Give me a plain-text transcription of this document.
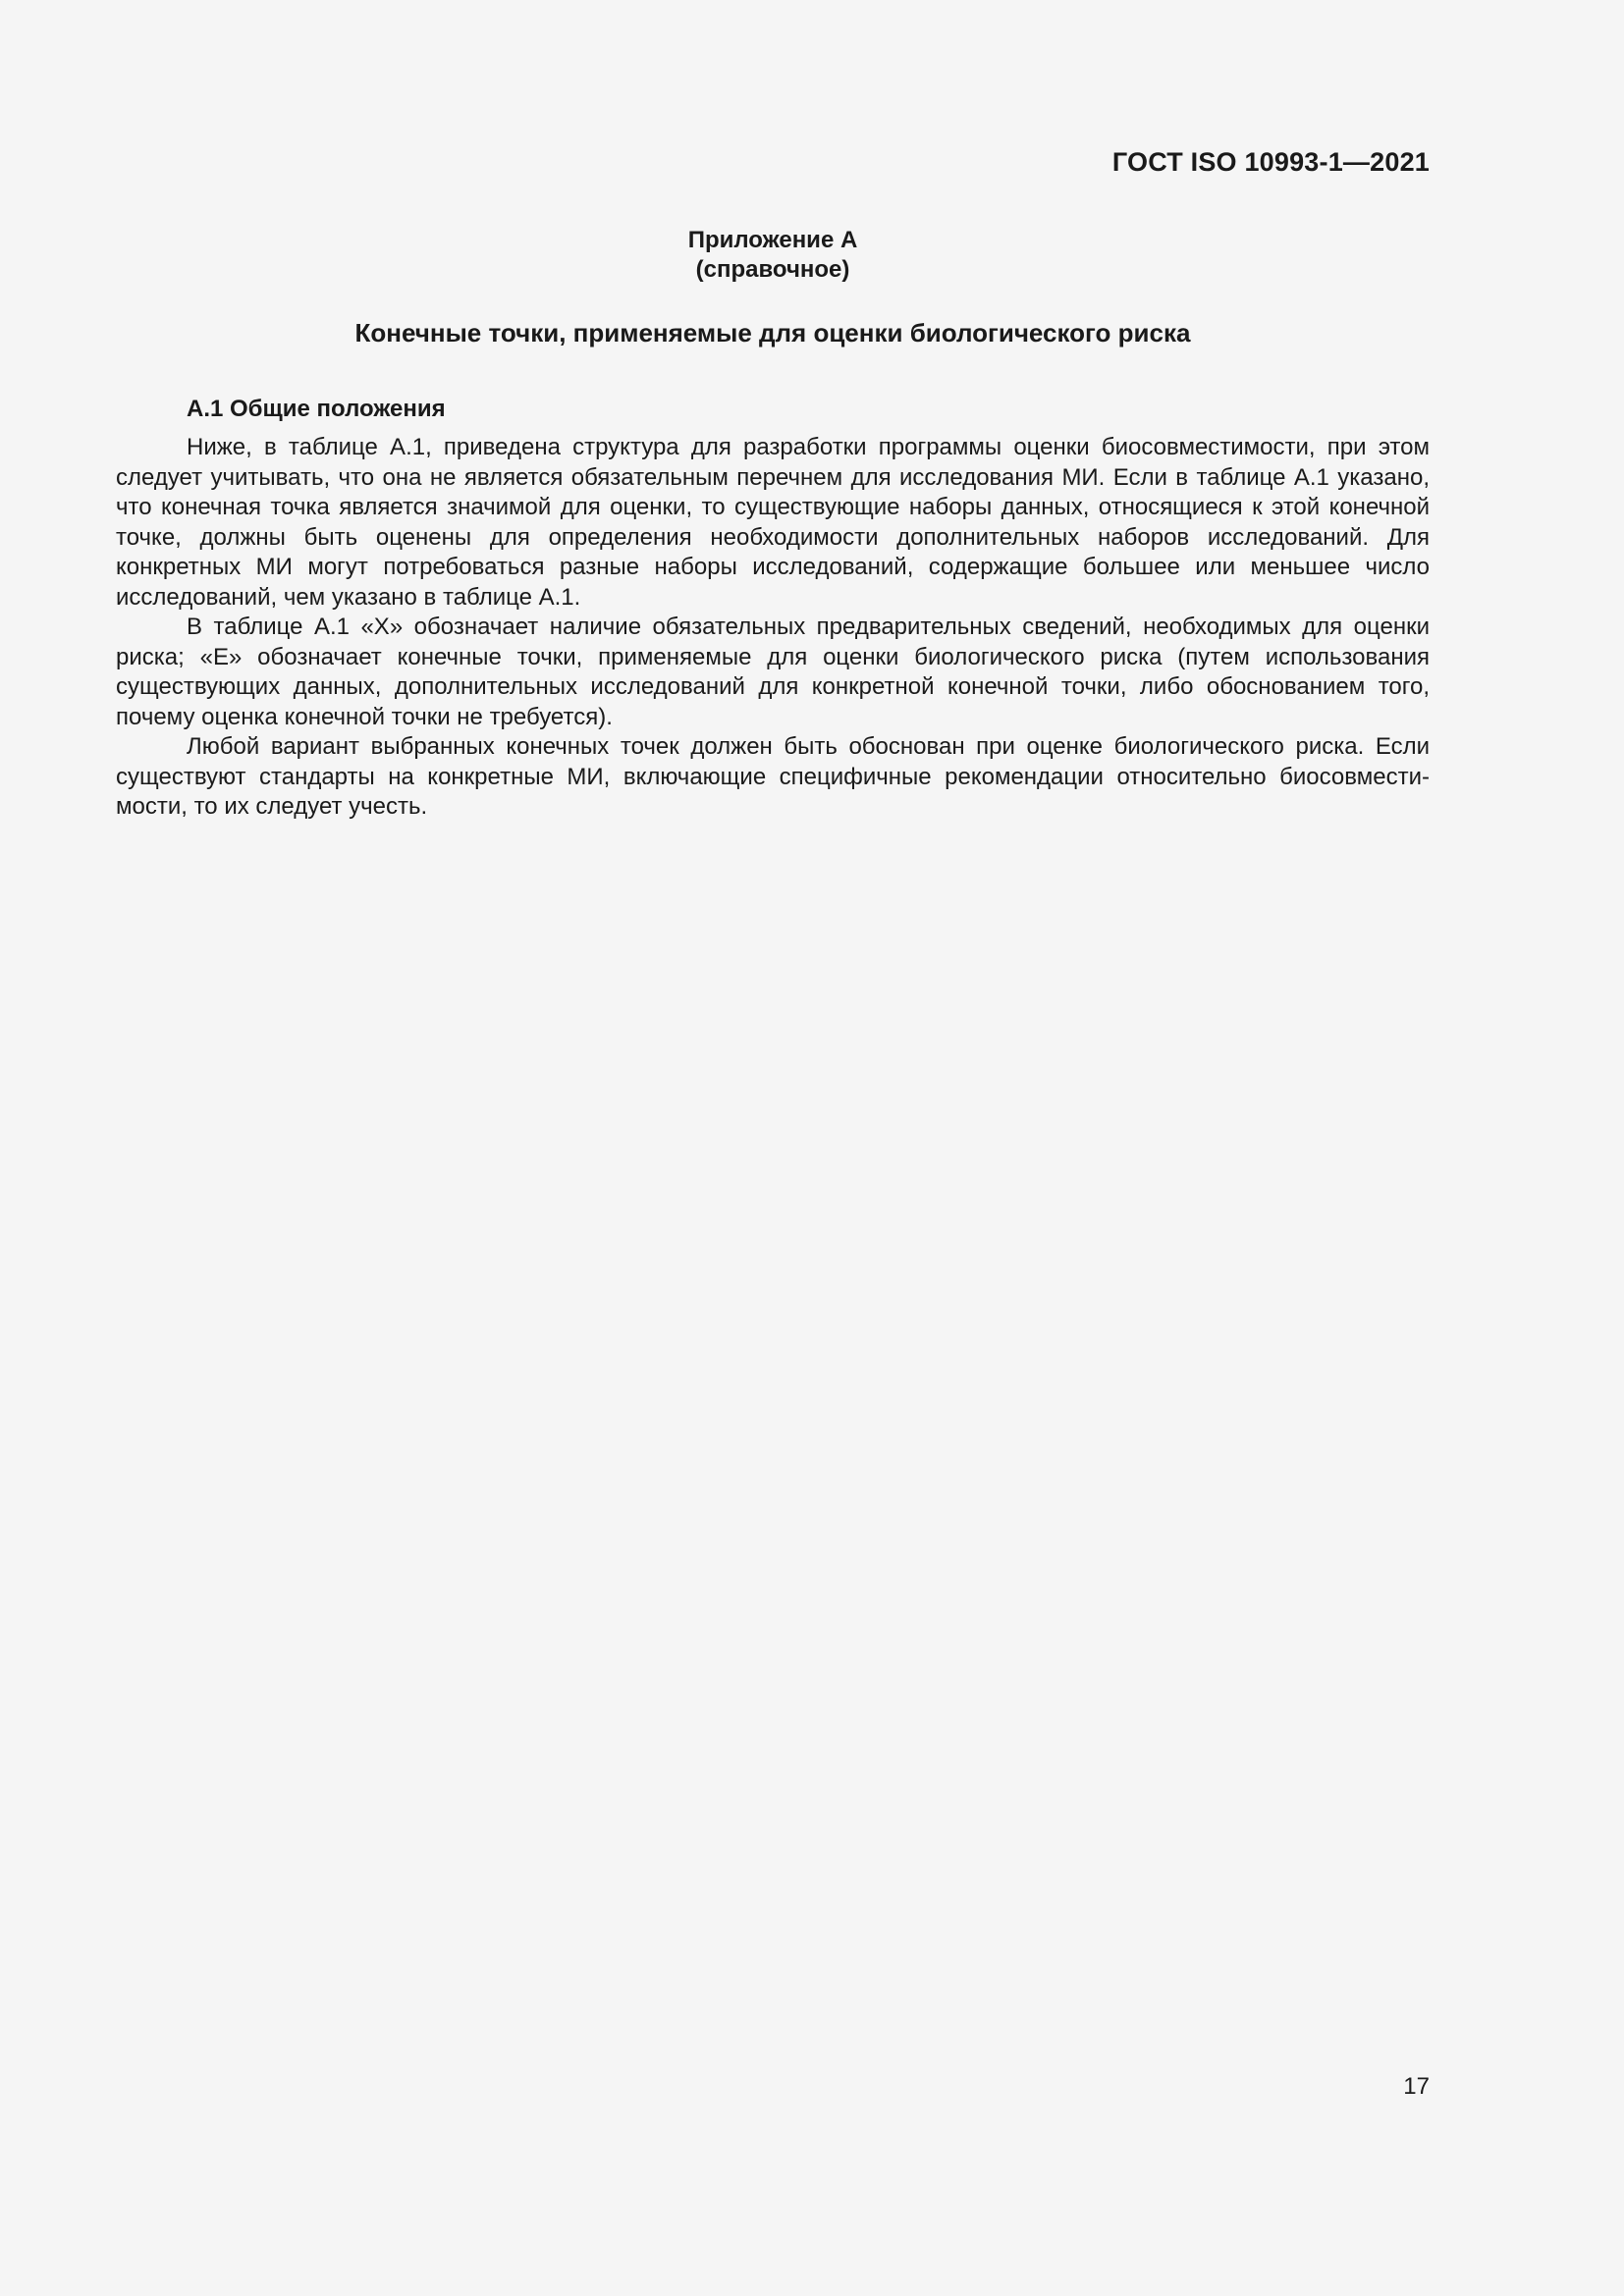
ГОСТ ISO 10993-1—2021
Приложение А
(справочное)
Конечные точки, применяемые для оценки биологического риска
А.1 Общие положения

Ниже, в таблице А.1, приведена структура для разработки программы оценки биосовместимости, при этом следует учитывать, что она не является обязательным перечнем для исследования МИ. Если в таблице А.1 указано, что конечная точка является значимой для оценки, то существующие наборы данных, относящиеся к этой конечной точке, должны быть оценены для определения необходимости дополнительных наборов исследований. Для конкретных МИ могут потребоваться разные наборы исследований, содержащие большее или меньшее число исследований, чем указано в таблице А.1.

В таблице А.1 «Х» обозначает наличие обязательных предварительных сведений, необходимых для оценки риска; «Е» обозначает конечные точки, применяемые для оценки биологического риска (путем использования существующих данных, дополнительных исследований для конкретной конечной точки, либо обоснованием того, почему оценка конечной точки не требуется).

Любой вариант выбранных конечных точек должен быть обоснован при оценке биологического риска. Если существуют стандарты на конкретные МИ, включающие специфичные рекомендации относительно биосовместимости, то их следует учесть.

17
